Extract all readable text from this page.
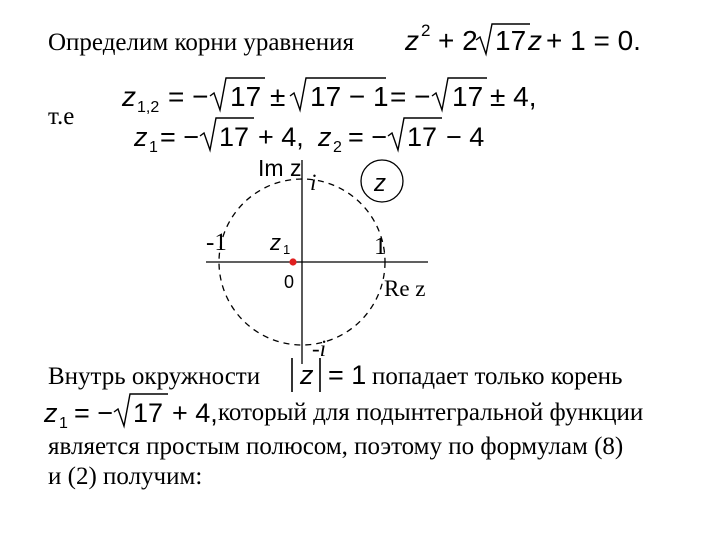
Определим корни уравнения z 2 + 2 17 z + 1 = 0.
т.е
z 1,2 = − 17 ± 17 − 1 = − 17 ± 4,
z 1 = − 17 + 4, z 2 = − 17 − 4
z
Im z
i
-1 z 1	1
0	Re z
-i
Внутрь окружности z = 1 попадает только корень
z 1 = − 17 + 4, который для подынтегральной функции
является простым полюсом, поэтому по формулам (8)
и (2) получим:
